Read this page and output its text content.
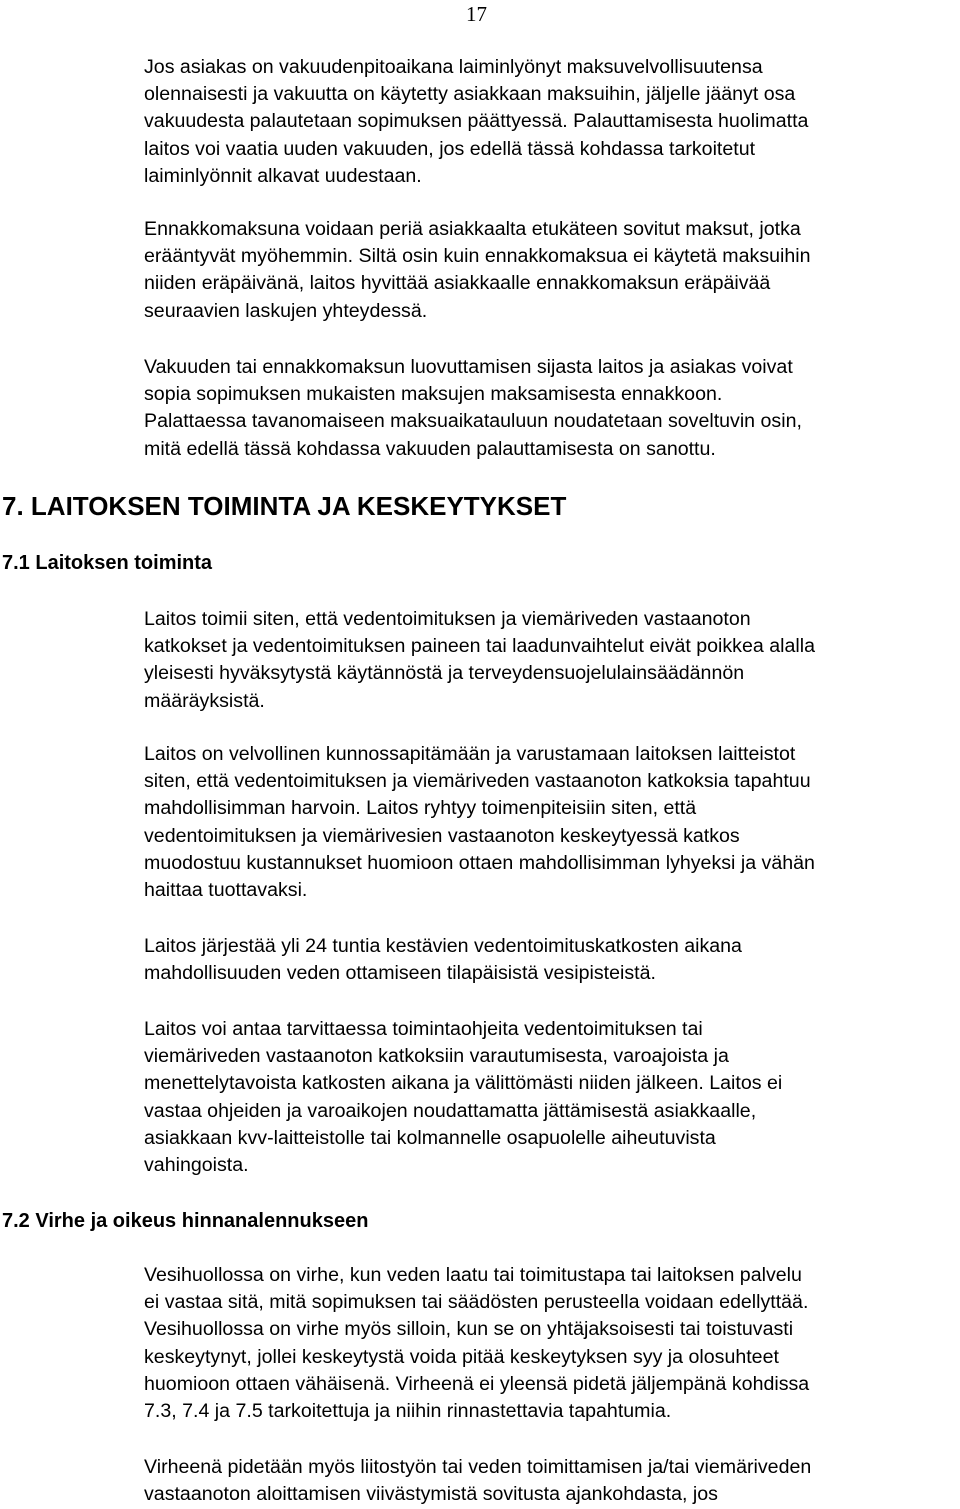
17

Jos asiakas on vakuudenpitoaikana laiminlyönyt maksuvelvollisuutensa
olennaisesti ja vakuutta on käytetty asiakkaan maksuihin, jäljelle jäänyt osa
vakuudesta palautetaan sopimuksen päättyessä. Palauttamisesta huolimatta
laitos voi vaatia uuden vakuuden, jos edellä tässä kohdassa tarkoitetut
laiminlyönnit alkavat uudestaan.

Ennakkomaksuna voidaan periä asiakkaalta etukäteen sovitut maksut, jotka
erääntyvät myöhemmin. Siltä osin kuin ennakkomaksua ei käytetä maksuihin
niiden eräpäivänä, laitos hyvittää asiakkaalle ennakkomaksun eräpäivää
seuraavien laskujen yhteydessä.

Vakuuden tai ennakkomaksun luovuttamisen sijasta laitos ja asiakas voivat
sopia sopimuksen mukaisten maksujen maksamisesta ennakkoon.
Palattaessa tavanomaiseen maksuaikatauluun noudatetaan soveltuvin osin,
mitä edellä tässä kohdassa vakuuden palauttamisesta on sanottu.

7. LAITOKSEN TOIMINTA JA KESKEYTYKSET
7.1 Laitoksen toiminta

Laitos toimii siten, että vedentoimituksen ja viemäriveden vastaanoton
katkokset ja vedentoimituksen paineen tai laadunvaihtelut eivät poikkea alalla
yleisesti hyväksytystä käytännöstä ja terveydensuojelulainsäädännön
määräyksistä.

Laitos on velvollinen kunnossapitämään ja varustamaan laitoksen laitteistot
siten, että vedentoimituksen ja viemäriveden vastaanoton katkoksia tapahtuu
mahdollisimman harvoin. Laitos ryhtyy toimenpiteisiin siten, että
vedentoimituksen ja viemärivesien vastaanoton keskeytyessä katkos
muodostuu kustannukset huomioon ottaen mahdollisimman lyhyeksi ja vähän
haittaa tuottavaksi.

Laitos järjestää yli 24 tuntia kestävien vedentoimituskatkosten aikana
mahdollisuuden veden ottamiseen tilapäisistä vesipisteistä.

Laitos voi antaa tarvittaessa toimintaohjeita vedentoimituksen tai
viemäriveden vastaanoton katkoksiin varautumisesta, varoajoista ja
menettelytavoista katkosten aikana ja välittömästi niiden jälkeen. Laitos ei
vastaa ohjeiden ja varoaikojen noudattamatta jättämisestä asiakkaalle,
asiakkaan kvv-laitteistolle tai kolmannelle osapuolelle aiheutuvista
vahingoista.

7.2 Virhe ja oikeus hinnanalennukseen

Vesihuollossa on virhe, kun veden laatu tai toimitustapa tai laitoksen palvelu
ei vastaa sitä, mitä sopimuksen tai säädösten perusteella voidaan edellyttää.
Vesihuollossa on virhe myös silloin, kun se on yhtäjaksoisesti tai toistuvasti
keskeytynyt, jollei keskeytystä voida pitää keskeytyksen syy ja olosuhteet
huomioon ottaen vähäisenä. Virheenä ei yleensä pidetä jäljempänä kohdissa
7.3, 7.4 ja 7.5 tarkoitettuja ja niihin rinnastettavia tapahtumia.

Virheenä pidetään myös liitostyön tai veden toimittamisen ja/tai viemäriveden
vastaanoton aloittamisen viivästymistä sovitusta ajankohdasta, jos
